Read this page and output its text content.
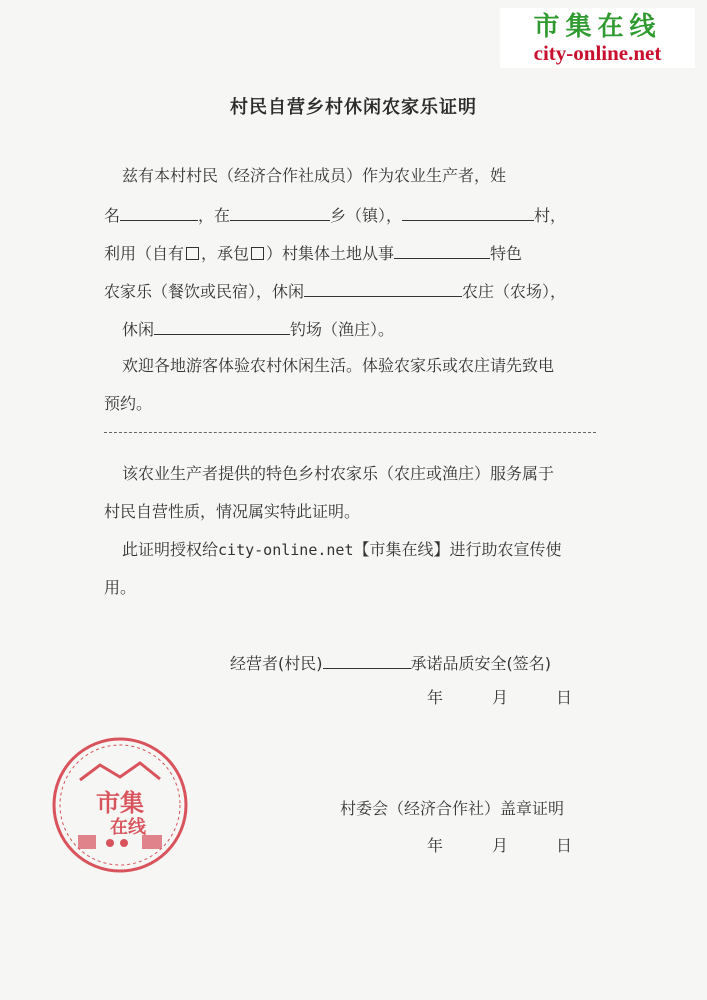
市集在线
city-online.net
村民自营乡村休闲农家乐证明
兹有本村村民（经济合作社成员）作为农业生产者，姓
名	，在	乡（镇），	村，
利用（自有 ，承包 ）村集体土地从事	特色
农家乐（餐饮或民宿），休闲	农庄（农场），
休闲	钓场（渔庄）。
欢迎各地游客体验农村休闲生活。体验农家乐或农庄请先致电
预约。
该农业生产者提供的特色乡村农家乐（农庄或渔庄）服务属于
村民自营性质，情况属实特此证明。
此证明授权给city-online.net【市集在线】进行助农宣传使
用。
经营者(村民)	承诺品质安全(签名)
年	月	日
市集
在线
村委会（经济合作社）盖章证明
年	月	日
